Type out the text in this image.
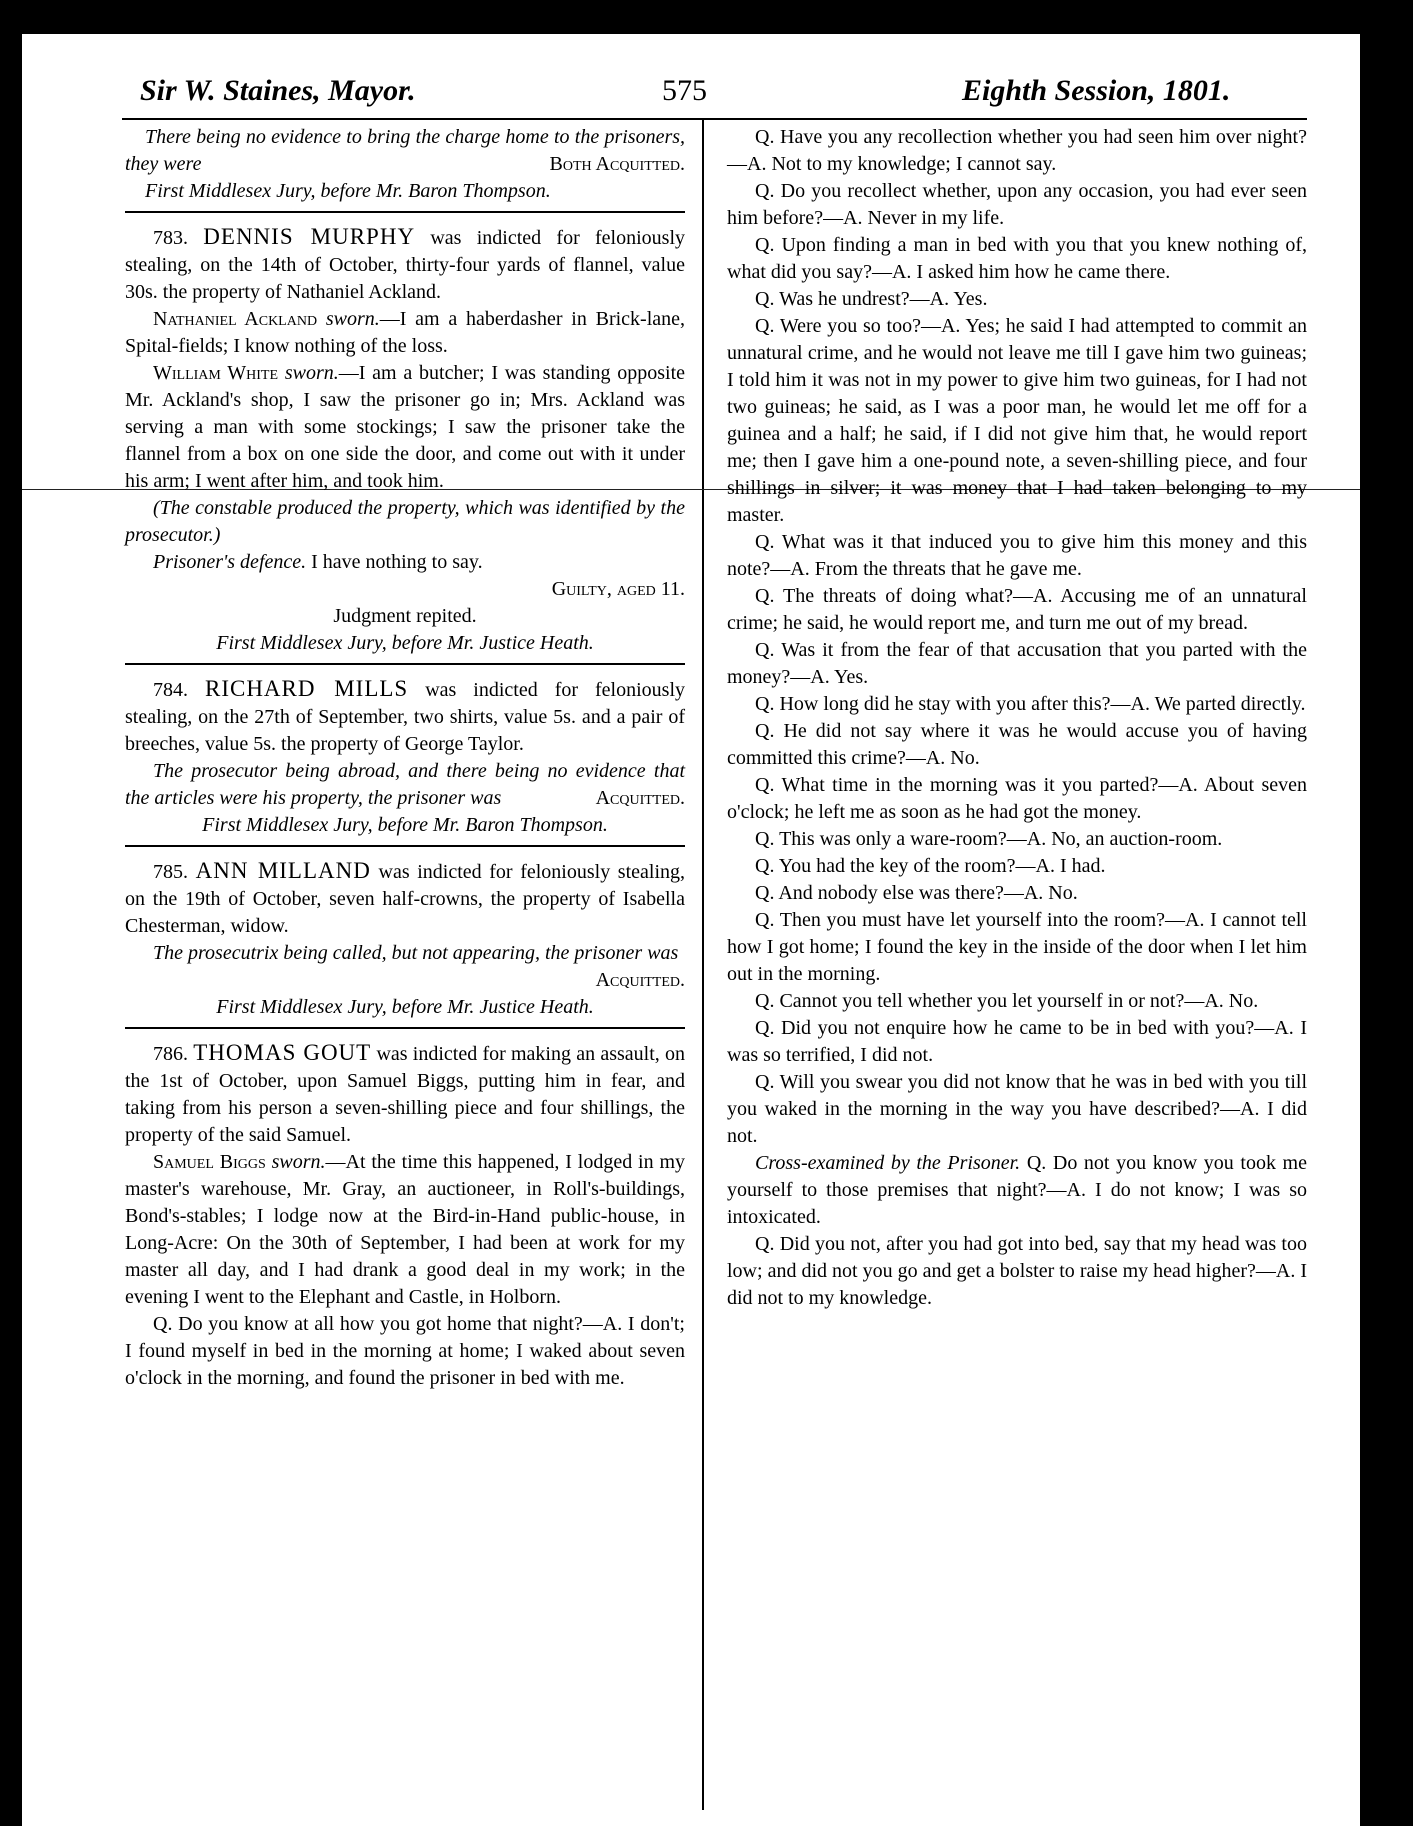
Sir W. Staines, Mayor.	575	Eighth Session, 1801.

There being no evidence to bring the charge home to the prisoners, they were	Both Acquitted.

First Middlesex Jury, before Mr. Baron Thompson.

783. DENNIS MURPHY was indicted for feloniously stealing, on the 14th of October, thirty-four yards of flannel, value 30s. the property of Nathaniel Ackland.

Nathaniel Ackland sworn.—I am a haberdasher in Brick-lane, Spital-fields; I know nothing of the loss.

William White sworn.—I am a butcher; I was standing opposite Mr. Ackland's shop, I saw the prisoner go in; Mrs. Ackland was serving a man with some stockings; I saw the prisoner take the flannel from a box on one side the door, and come out with it under his arm; I went after him, and took him.

(The constable produced the property, which was identified by the prosecutor.)

Prisoner's defence. I have nothing to say.

Guilty, aged 11.

Judgment repited.

First Middlesex Jury, before Mr. Justice Heath.

784. RICHARD MILLS was indicted for feloniously stealing, on the 27th of September, two shirts, value 5s. and a pair of breeches, value 5s. the property of George Taylor.

The prosecutor being abroad, and there being no evidence that the articles were his property, the prisoner was	Acquitted.

First Middlesex Jury, before Mr. Baron Thompson.

785. ANN MILLAND was indicted for feloniously stealing, on the 19th of October, seven half-crowns, the property of Isabella Chesterman, widow.

The prosecutrix being called, but not appearing, the prisoner was
Acquitted.

First Middlesex Jury, before Mr. Justice Heath.

786. THOMAS GOUT was indicted for making an assault, on the 1st of October, upon Samuel Biggs, putting him in fear, and taking from his person a seven-shilling piece and four shillings, the property of the said Samuel.

Samuel Biggs sworn.—At the time this happened, I lodged in my master's warehouse, Mr. Gray, an auctioneer, in Roll's-buildings, Bond's-stables; I lodge now at the Bird-in-Hand public-house, in Long-Acre: On the 30th of September, I had been at work for my master all day, and I had drank a good deal in my work; in the evening I went to the Elephant and Castle, in Holborn.

Q. Do you know at all how you got home that night?—A. I don't; I found myself in bed in the morning at home; I waked about seven o'clock in the morning, and found the prisoner in bed with me.

Q. Have you any recollection whether you had seen him over night?—A. Not to my knowledge; I cannot say.

Q. Do you recollect whether, upon any occasion, you had ever seen him before?—A. Never in my life.

Q. Upon finding a man in bed with you that you knew nothing of, what did you say?—A. I asked him how he came there.

Q. Was he undrest?—A. Yes.

Q. Were you so too?—A. Yes; he said I had attempted to commit an unnatural crime, and he would not leave me till I gave him two guineas; I told him it was not in my power to give him two guineas, for I had not two guineas; he said, as I was a poor man, he would let me off for a guinea and a half; he said, if I did not give him that, he would report me; then I gave him a one-pound note, a seven-shilling piece, and four shillings in silver; it was money that I had taken belonging to my master.

Q. What was it that induced you to give him this money and this note?—A. From the threats that he gave me.

Q. The threats of doing what?—A. Accusing me of an unnatural crime; he said, he would report me, and turn me out of my bread.

Q. Was it from the fear of that accusation that you parted with the money?—A. Yes.

Q. How long did he stay with you after this?—A. We parted directly.

Q. He did not say where it was he would accuse you of having committed this crime?—A. No.

Q. What time in the morning was it you parted?—A. About seven o'clock; he left me as soon as he had got the money.

Q. This was only a ware-room?—A. No, an auction-room.

Q. You had the key of the room?—A. I had.

Q. And nobody else was there?—A. No.

Q. Then you must have let yourself into the room?—A. I cannot tell how I got home; I found the key in the inside of the door when I let him out in the morning.

Q. Cannot you tell whether you let yourself in or not?—A. No.

Q. Did you not enquire how he came to be in bed with you?—A. I was so terrified, I did not.

Q. Will you swear you did not know that he was in bed with you till you waked in the morning in the way you have described?—A. I did not.

Cross-examined by the Prisoner. Q. Do not you know you took me yourself to those premises that night?—A. I do not know; I was so intoxicated.

Q. Did you not, after you had got into bed, say that my head was too low; and did not you go and get a bolster to raise my head higher?—A. I did not to my knowledge.
